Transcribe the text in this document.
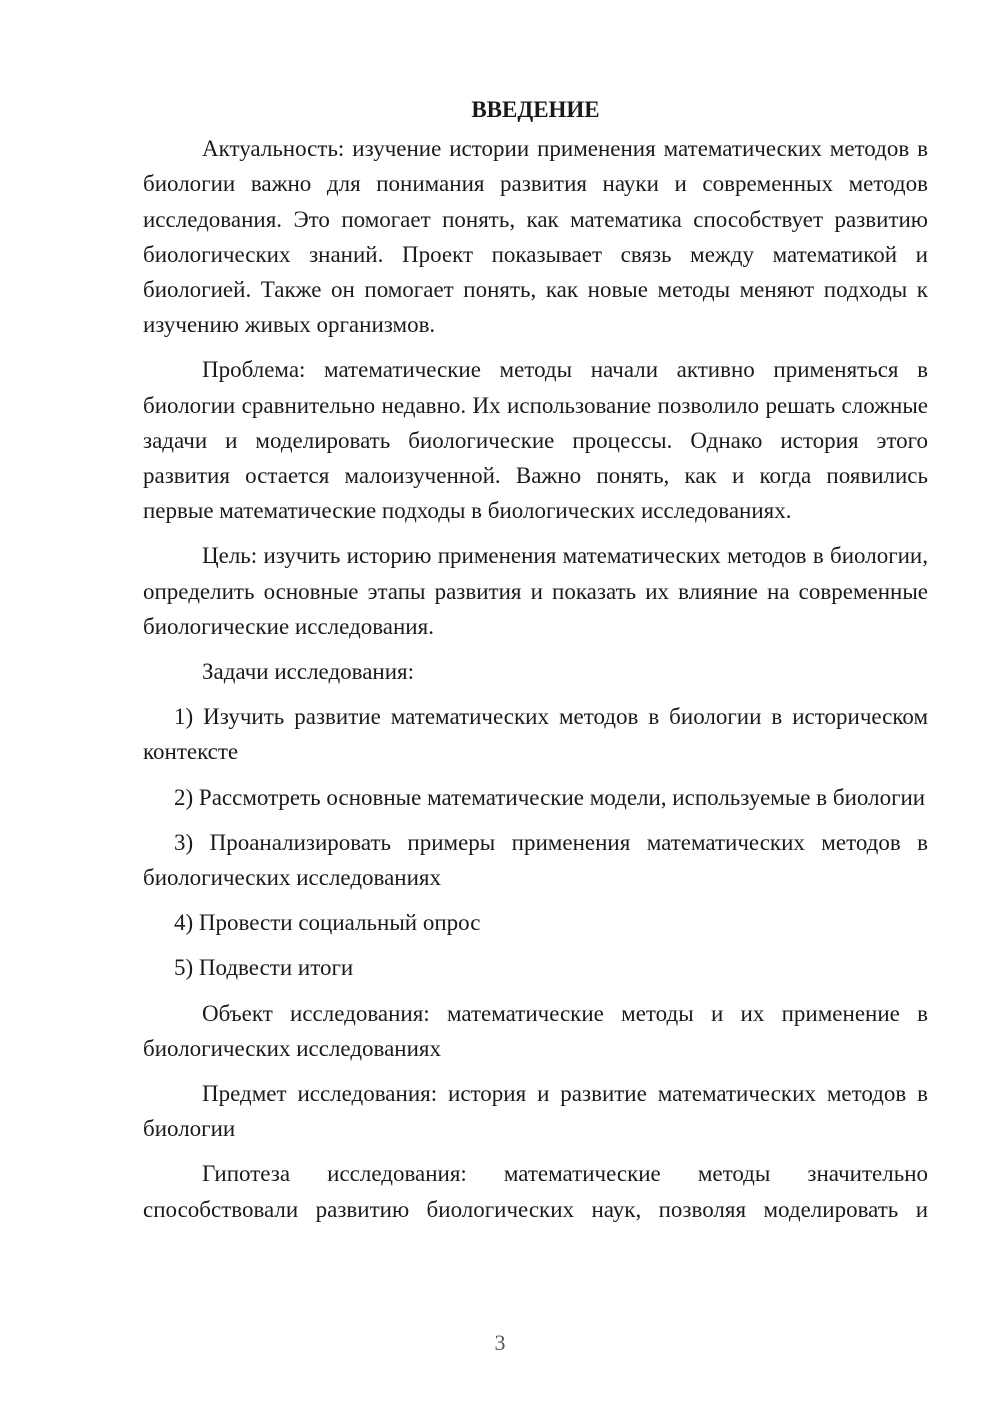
ВВЕДЕНИЕ

Актуальность: изучение истории применения математических методов в биологии важно для понимания развития науки и современных методов исследования. Это помогает понять, как математика способствует развитию биологических знаний. Проект показывает связь между математикой и биологией. Также он помогает понять, как новые методы меняют подходы к изучению живых организмов.

Проблема: математические методы начали активно применяться в биологии сравнительно недавно. Их использование позволило решать сложные задачи и моделировать биологические процессы. Однако история этого развития остается малоизученной. Важно понять, как и когда появились первые математические подходы в биологических исследованиях.

Цель: изучить историю применения математических методов в биологии, определить основные этапы развития и показать их влияние на современные биологические исследования.

Задачи исследования:

1) Изучить развитие математических методов в биологии в историческом контексте

2) Рассмотреть основные математические модели, используемые в биологии

3) Проанализировать примеры применения математических методов в биологических исследованиях

4) Провести социальный опрос

5) Подвести итоги

Объект исследования: математические методы и их применение в биологических исследованиях

Предмет исследования: история и развитие математических методов в биологии

Гипотеза исследования: математические методы значительно способствовали развитию биологических наук, позволяя моделировать и

3
